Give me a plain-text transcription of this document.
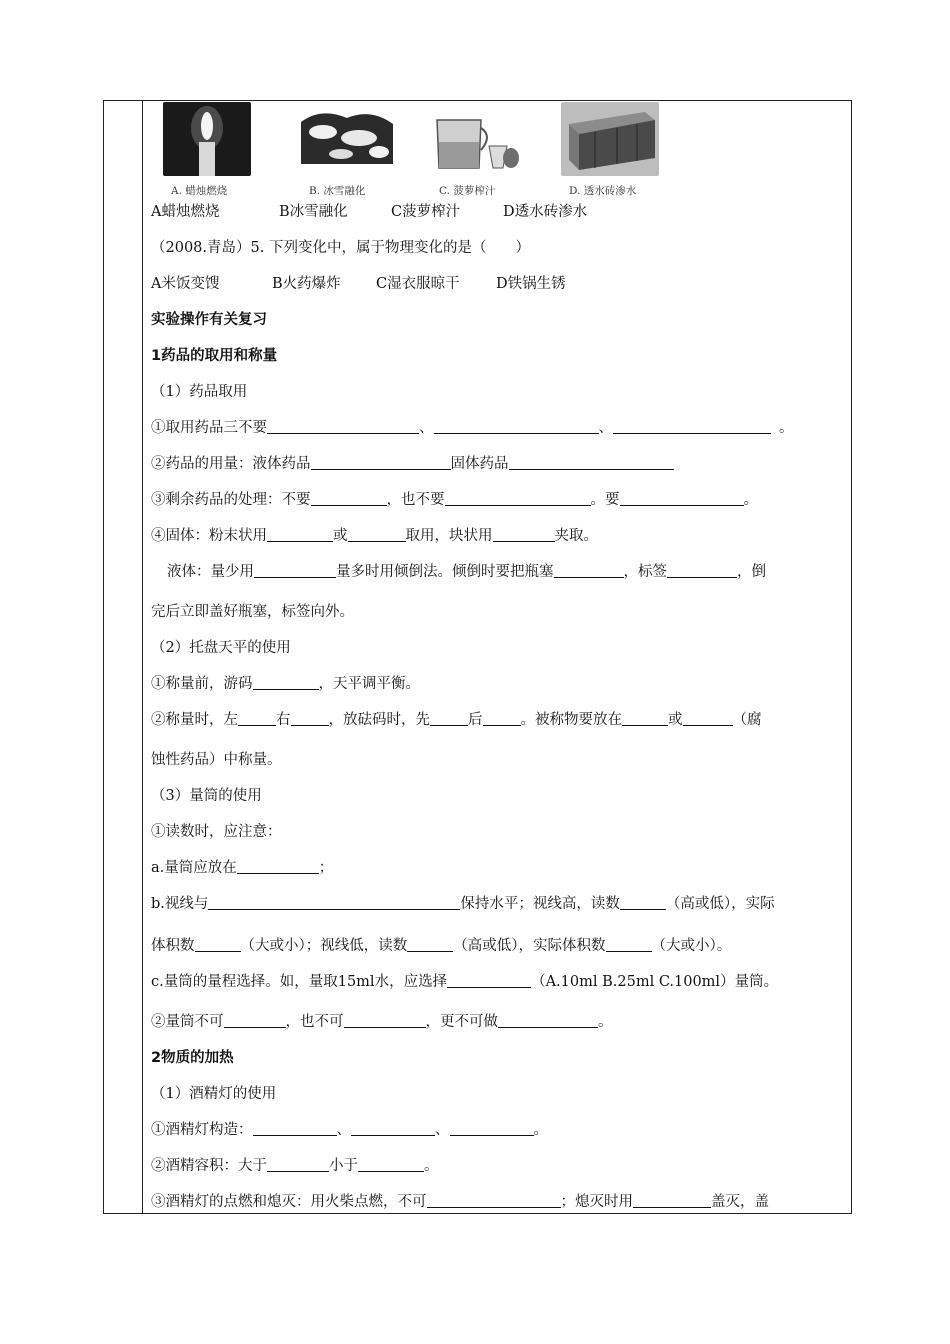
A. 蜡烛燃烧	B. 冰雪融化	C. 菠萝榨汁	D. 透水砖渗水
A蜡烛燃烧	B冰雪融化	C菠萝榨汁	D透水砖渗水
（2008.青岛）5. 下列变化中，属于物理变化的是（　　）
A米饭变馊	B火药爆炸 C湿衣服晾干	D铁锅生锈
实验操作有关复习
1药品的取用和称量
（1）药品取用
①取用药品三不要	、	、	。
②药品的用量：液体药品	固体药品
③剩余药品的处理：不要	，也不要	。要	。
④固体：粉末状用	或	取用，块状用	夹取。
液体：量少用	量多时用倾倒法。倾倒时要把瓶塞	，标签	，倒
完后立即盖好瓶塞，标签向外。
（2）托盘天平的使用
①称量前，游码	，天平调平衡。
②称量时，左	右	，放砝码时，先	后	。被称物要放在	或	（腐
蚀性药品）中称量。
（3）量筒的使用
①读数时，应注意：
a.量筒应放在	；
b.视线与	保持水平；视线高，读数	（高或低），实际
体积数	（大或小）；视线低，读数	（高或低），实际体积数	（大或小）。
c.量筒的量程选择。如，量取15ml水，应选择	（A.10ml B.25ml C.100ml）量筒。
②量筒不可	，也不可	，更不可做	。
2物质的加热
（1）酒精灯的使用
①酒精灯构造：	、	、	。
②酒精容积：大于	小于	。
③酒精灯的点燃和熄灭：用火柴点燃，不可	；熄灭时用	盖灭，盖
